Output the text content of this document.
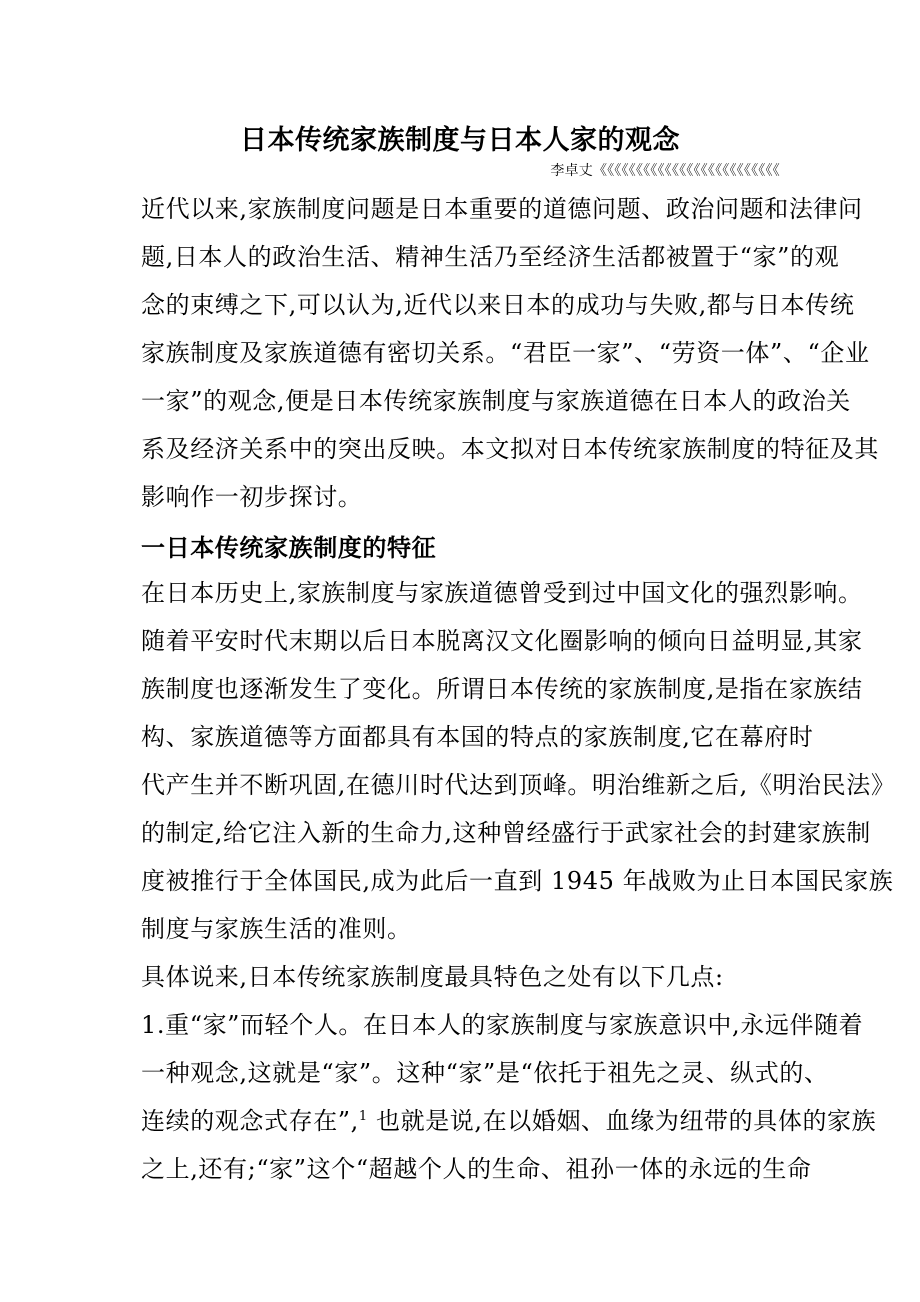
日本传统家族制度与日本人家的观念
李卓丈《《《《《《《《《《《《《《《《《《《《《《《《《
近代以来,家族制度问题是日本重要的道德问题、政治问题和法律问
题,日本人的政治生活、精神生活乃至经济生活都被置于“家”的观
念的束缚之下,可以认为,近代以来日本的成功与失败,都与日本传统
家族制度及家族道德有密切关系。“君臣一家”、“劳资一体”、“企业
一家”的观念,便是日本传统家族制度与家族道德在日本人的政治关
系及经济关系中的突出反映。本文拟对日本传统家族制度的特征及其
影响作一初步探讨。
一日本传统家族制度的特征
在日本历史上,家族制度与家族道德曾受到过中国文化的强烈影响。
随着平安时代末期以后日本脱离汉文化圈影响的倾向日益明显,其家
族制度也逐渐发生了变化。所谓日本传统的家族制度,是指在家族结
构、家族道德等方面都具有本国的特点的家族制度,它在幕府时
代产生并不断巩固,在德川时代达到顶峰。明治维新之后,《明治民法》
的制定,给它注入新的生命力,这种曾经盛行于武家社会的封建家族制
度被推行于全体国民,成为此后一直到 1945 年战败为止日本国民家族
制度与家族生活的准则。
具体说来,日本传统家族制度最具特色之处有以下几点:
1.重“家”而轻个人。在日本人的家族制度与家族意识中,永远伴随着
一种观念,这就是“家”。这种“家”是“依托于祖先之灵、纵式的、
连续的观念式存在”,$^1$ 也就是说,在以婚姻、血缘为纽带的具体的家族
之上,还有;“家”这个“超越个人的生命、祖孙一体的永远的生命
